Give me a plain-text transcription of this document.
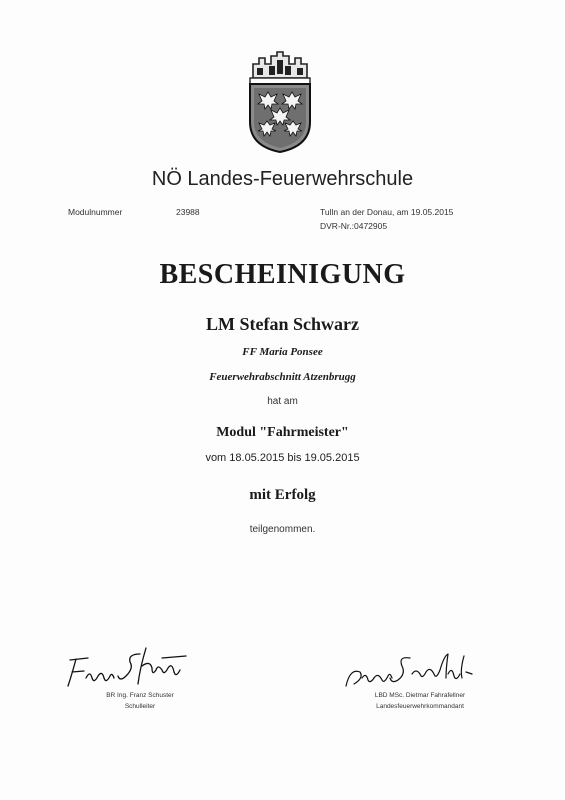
NÖ Landes-Feuerwehrschule
Modulnummer	23988	Tulln an der Donau, am 19.05.2015
DVR-Nr.:0472905
BESCHEINIGUNG
LM Stefan Schwarz
FF Maria Ponsee
Feuerwehrabschnitt Atzenbrugg
hat am
Modul "Fahrmeister"
vom 18.05.2015 bis 19.05.2015
mit Erfolg
teilgenommen.
BR Ing. Franz Schuster
Schulleiter
LBD MSc. Dietmar Fahrafellner
Landesfeuerwehrkommandant
